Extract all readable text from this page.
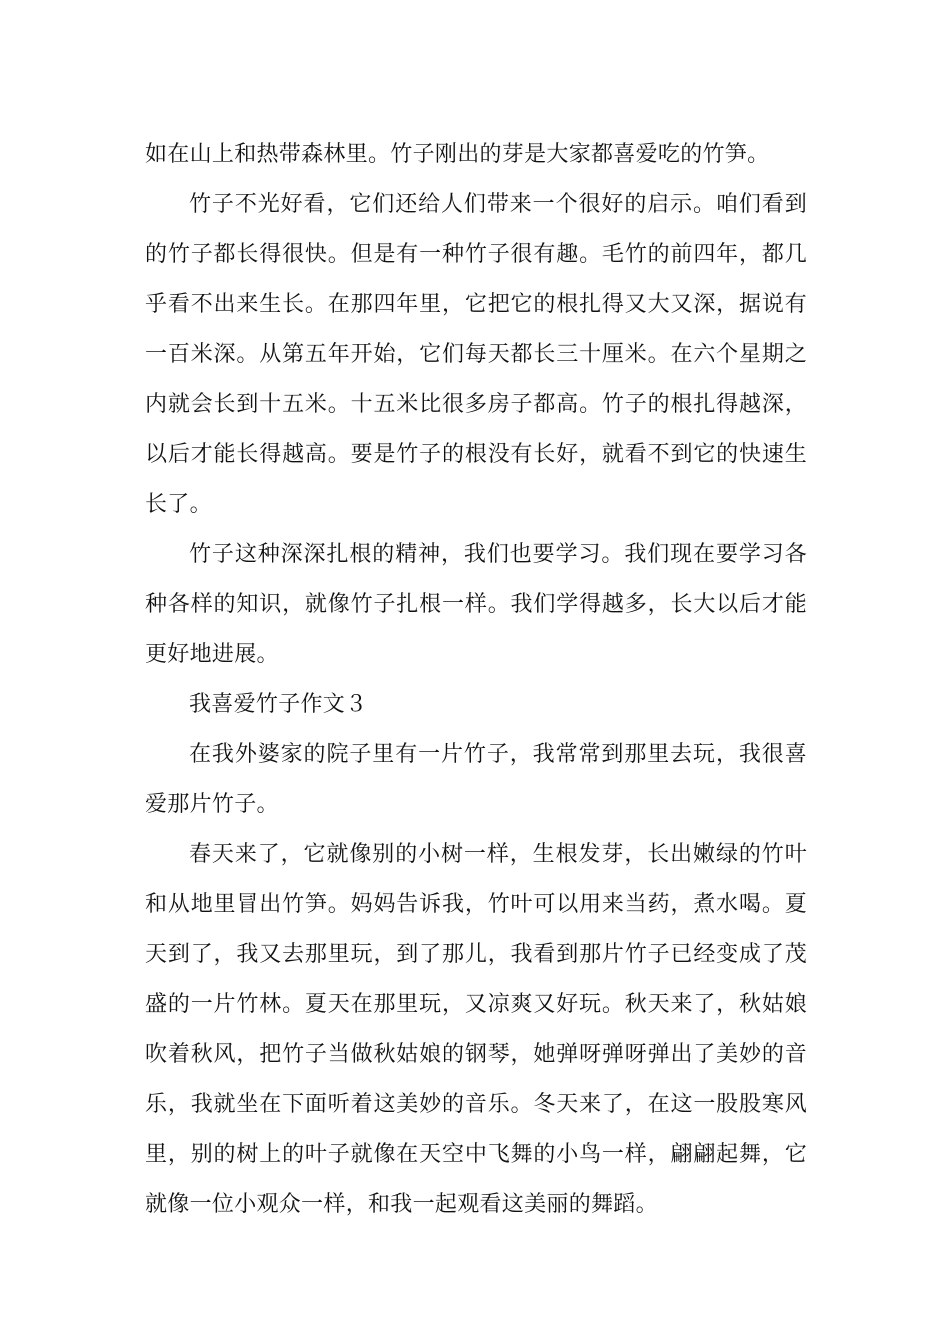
如在山上和热带森林里。竹子刚出的芽是大家都喜爱吃的竹笋。

竹子不光好看，它们还给人们带来一个很好的启示。咱们看到的竹子都长得很快。但是有一种竹子很有趣。毛竹的前四年，都几乎看不出来生长。在那四年里，它把它的根扎得又大又深，据说有一百米深。从第五年开始，它们每天都长三十厘米。在六个星期之内就会长到十五米。十五米比很多房子都高。竹子的根扎得越深，以后才能长得越高。要是竹子的根没有长好，就看不到它的快速生长了。

竹子这种深深扎根的精神，我们也要学习。我们现在要学习各种各样的知识，就像竹子扎根一样。我们学得越多，长大以后才能更好地进展。

我喜爱竹子作文３

在我外婆家的院子里有一片竹子，我常常到那里去玩，我很喜爱那片竹子。

春天来了，它就像别的小树一样，生根发芽，长出嫩绿的竹叶和从地里冒出竹笋。妈妈告诉我，竹叶可以用来当药，煮水喝。夏天到了，我又去那里玩，到了那儿，我看到那片竹子已经变成了茂盛的一片竹林。夏天在那里玩，又凉爽又好玩。秋天来了，秋姑娘吹着秋风，把竹子当做秋姑娘的钢琴，她弹呀弹呀弹出了美妙的音乐，我就坐在下面听着这美妙的音乐。冬天来了，在这一股股寒风里，别的树上的叶子就像在天空中飞舞的小鸟一样，翩翩起舞，它就像一位小观众一样，和我一起观看这美丽的舞蹈。
